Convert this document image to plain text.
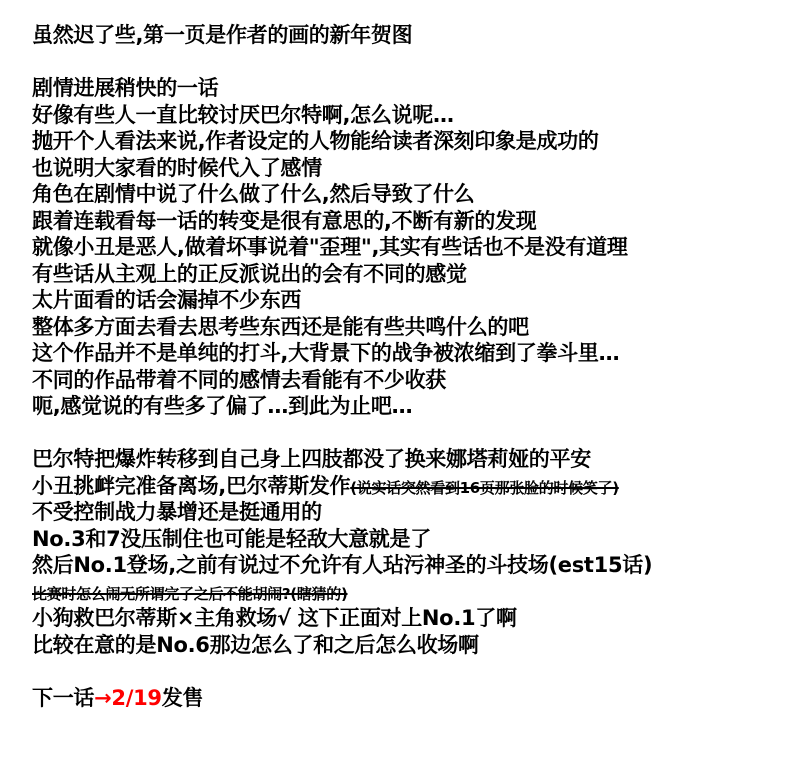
虽然迟了些,第一页是作者的画的新年贺图
剧情进展稍快的一话
好像有些人一直比较讨厌巴尔特啊,怎么说呢…
抛开个人看法来说,作者设定的人物能给读者深刻印象是成功的
也说明大家看的时候代入了感情
角色在剧情中说了什么做了什么,然后导致了什么
跟着连载看每一话的转变是很有意思的,不断有新的发现
就像小丑是恶人,做着坏事说着"歪理",其实有些话也不是没有道理
有些话从主观上的正反派说出的会有不同的感觉
太片面看的话会漏掉不少东西
整体多方面去看去思考些东西还是能有些共鸣什么的吧
这个作品并不是单纯的打斗,大背景下的战争被浓缩到了拳斗里…
不同的作品带着不同的感情去看能有不少收获
呃,感觉说的有些多了偏了…到此为止吧…
巴尔特把爆炸转移到自己身上四肢都没了换来娜塔莉娅的平安
小丑挑衅完准备离场,巴尔蒂斯发作(说实话突然看到16页那张脸的时候笑了)
不受控制战力暴增还是挺通用的
No.3和7没压制住也可能是轻敌大意就是了
然后No.1登场,之前有说过不允许有人玷污神圣的斗技场(est15话)
比赛时怎么闹无所谓完了之后不能胡闹?(瞎猜的)
小狗救巴尔蒂斯×主角救场√ 这下正面对上No.1了啊
比较在意的是No.6那边怎么了和之后怎么收场啊
下一话→2/19发售
